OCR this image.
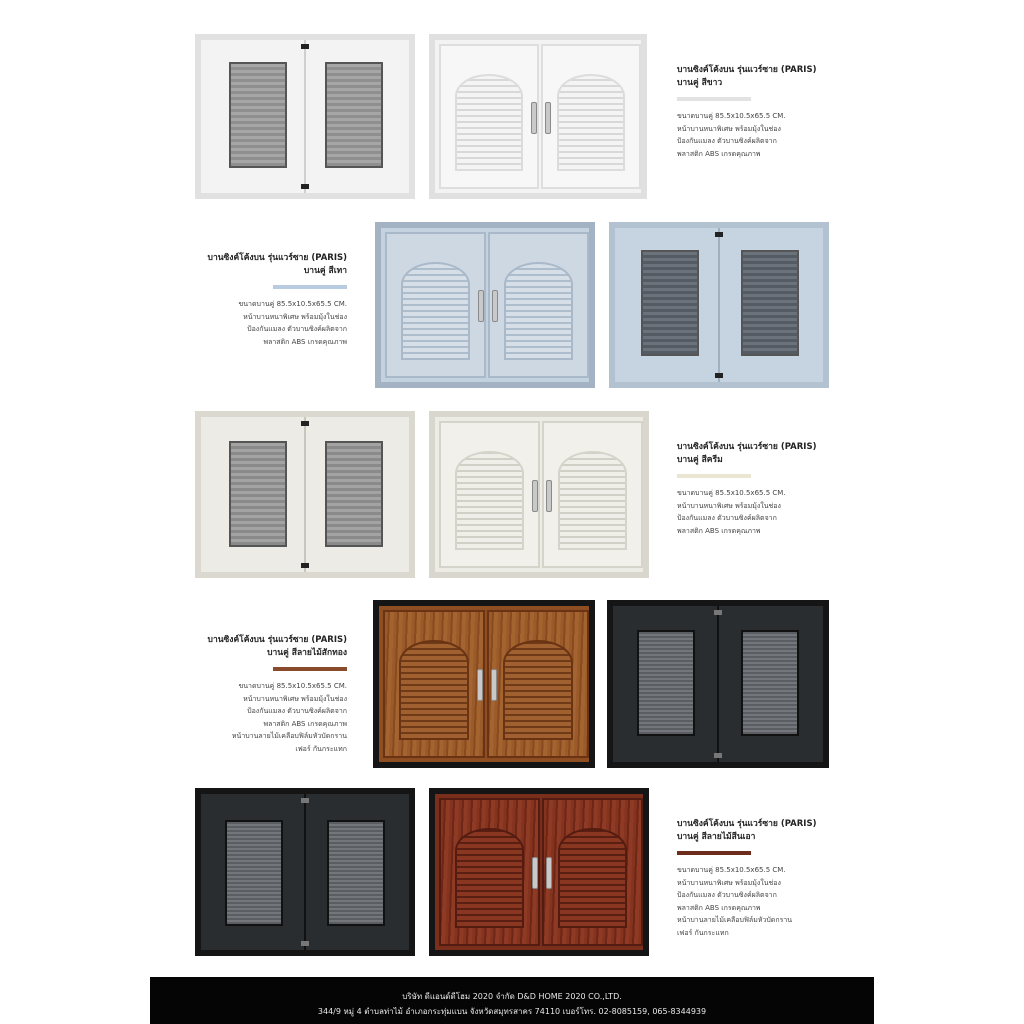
บานซิงค์โค้งบน รุ่นแวร์ซาย (PARIS)
บานคู่ สีขาว
ขนาดบานคู่ 85.5x10.5x65.5 CM.
หน้าบานหนาพิเศษ พร้อมมุ้งในช่อง
ป้องกันแมลง ตัวบานซิงค์ผลิตจาก
พลาสติก ABS เกรดคุณภาพ
บานซิงค์โค้งบน รุ่นแวร์ซาย (PARIS)
บานคู่ สีเทา
ขนาดบานคู่ 85.5x10.5x65.5 CM.
หน้าบานหนาพิเศษ พร้อมมุ้งในช่อง
ป้องกันแมลง ตัวบานซิงค์ผลิตจาก
พลาสติก ABS เกรดคุณภาพ
บานซิงค์โค้งบน รุ่นแวร์ซาย (PARIS)
บานคู่ สีครีม
ขนาดบานคู่ 85.5x10.5x65.5 CM.
หน้าบานหนาพิเศษ พร้อมมุ้งในช่อง
ป้องกันแมลง ตัวบานซิงค์ผลิตจาก
พลาสติก ABS เกรดคุณภาพ
บานซิงค์โค้งบน รุ่นแวร์ซาย (PARIS)
บานคู่ สีลายไม้สักทอง
ขนาดบานคู่ 85.5x10.5x65.5 CM.
หน้าบานหนาพิเศษ พร้อมมุ้งในช่อง
ป้องกันแมลง ตัวบานซิงค์ผลิตจาก
พลาสติก ABS เกรดคุณภาพ
หน้าบานลายไม้เคลือบฟิล์มหัวบัดกราน
เฟอร์ กันกระแทก
บานซิงค์โค้งบน รุ่นแวร์ซาย (PARIS)
บานคู่ สีลายไม้สีนเอา
ขนาดบานคู่ 85.5x10.5x65.5 CM.
หน้าบานหนาพิเศษ พร้อมมุ้งในช่อง
ป้องกันแมลง ตัวบานซิงค์ผลิตจาก
พลาสติก ABS เกรดคุณภาพ
หน้าบานลายไม้เคลือบฟิล์มหัวบัดกราน
เฟอร์ กันกระแทก
บริษัท ดีแอนด์ดีโฮม 2020 จำกัด D&D HOME 2020 CO.,LTD.
344/9 หมู่ 4 ตำบลท่าไม้ อำเภอกระทุ่มแบน จังหวัดสมุทรสาคร 74110 เบอร์โทร. 02-8085159, 065-8344939
